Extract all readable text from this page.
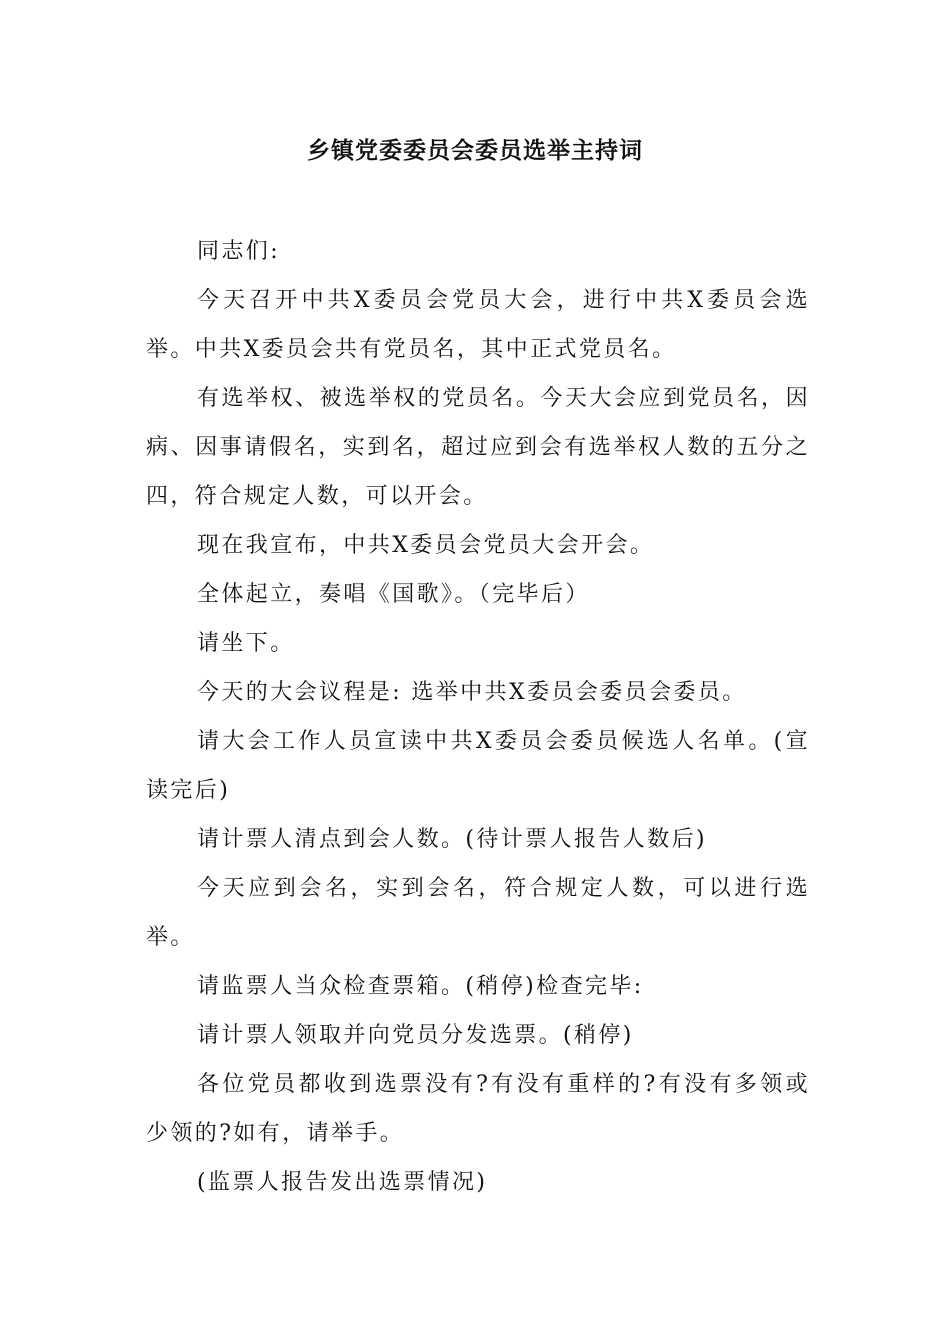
乡镇党委委员会委员选举主持词

同志们:

今天召开中共X委员会党员大会，进行中共X委员会选举。中共X委员会共有党员名，其中正式党员名。

有选举权、被选举权的党员名。今天大会应到党员名，因病、因事请假名，实到名，超过应到会有选举权人数的五分之四，符合规定人数，可以开会。

现在我宣布，中共X委员会党员大会开会。

全体起立，奏唱《国歌》。（完毕后）

请坐下。

今天的大会议程是: 选举中共X委员会委员会委员。

请大会工作人员宣读中共X委员会委员候选人名单。(宣读完后)

请计票人清点到会人数。(待计票人报告人数后)

今天应到会名，实到会名，符合规定人数，可以进行选举。

请监票人当众检查票箱。(稍停)检查完毕:

请计票人领取并向党员分发选票。(稍停)

各位党员都收到选票没有?有没有重样的?有没有多领或少领的?如有，请举手。

(监票人报告发出选票情况)
